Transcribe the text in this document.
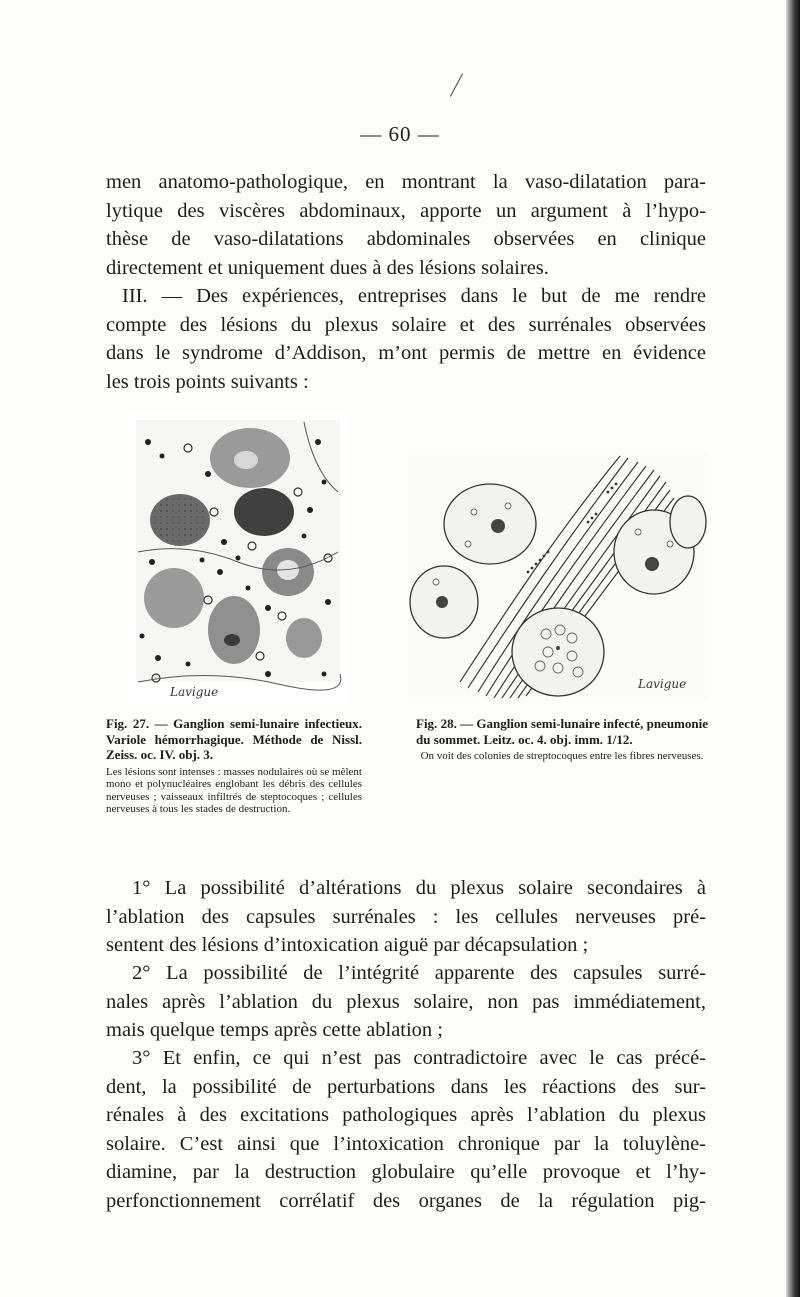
— 60 —
men anatomo-pathologique, en montrant la vaso-dilatation para-
lytique des viscères abdominaux, apporte un argument à l’hypo-
thèse de vaso-dilatations abdominales observées en clinique
directement et uniquement dues à des lésions solaires.
III. — Des expériences, entreprises dans le but de me rendre
compte des lésions du plexus solaire et des surrénales observées
dans le syndrome d’Addison, m’ont permis de mettre en évidence
les trois points suivants :
Lavigue
Fig. 27. — Ganglion semi-lunaire infectieux. Variole hémorrhagique. Méthode de Nissl. Zeiss. oc. IV. obj. 3.
Les lésions sont intenses : masses nodulaires où se mêlent mono et polynucléaires englobant les débris des cellules nerveuses ; vaisseaux infiltrés de steptocoques ; cellules nerveuses à tous les stades de destruction.
Lavigue
Fig. 28. — Ganglion semi-lunaire infecté, pneumonie du sommet. Leitz. oc. 4. obj. imm. 1/12.
On voit des colonies de streptocoques entre les fibres nerveuses.
1° La possibilité d’altérations du plexus solaire secondaires à
l’ablation des capsules surrénales : les cellules nerveuses pré-
sentent des lésions d’intoxication aiguë par décapsulation ;
2° La possibilité de l’intégrité apparente des capsules surré-
nales après l’ablation du plexus solaire, non pas immédiatement,
mais quelque temps après cette ablation ;
3° Et enfin, ce qui n’est pas contradictoire avec le cas précé-
dent, la possibilité de perturbations dans les réactions des sur-
rénales à des excitations pathologiques après l’ablation du plexus
solaire. C’est ainsi que l’intoxication chronique par la toluylène-
diamine, par la destruction globulaire qu’elle provoque et l’hy-
perfonctionnement corrélatif des organes de la régulation pig-
